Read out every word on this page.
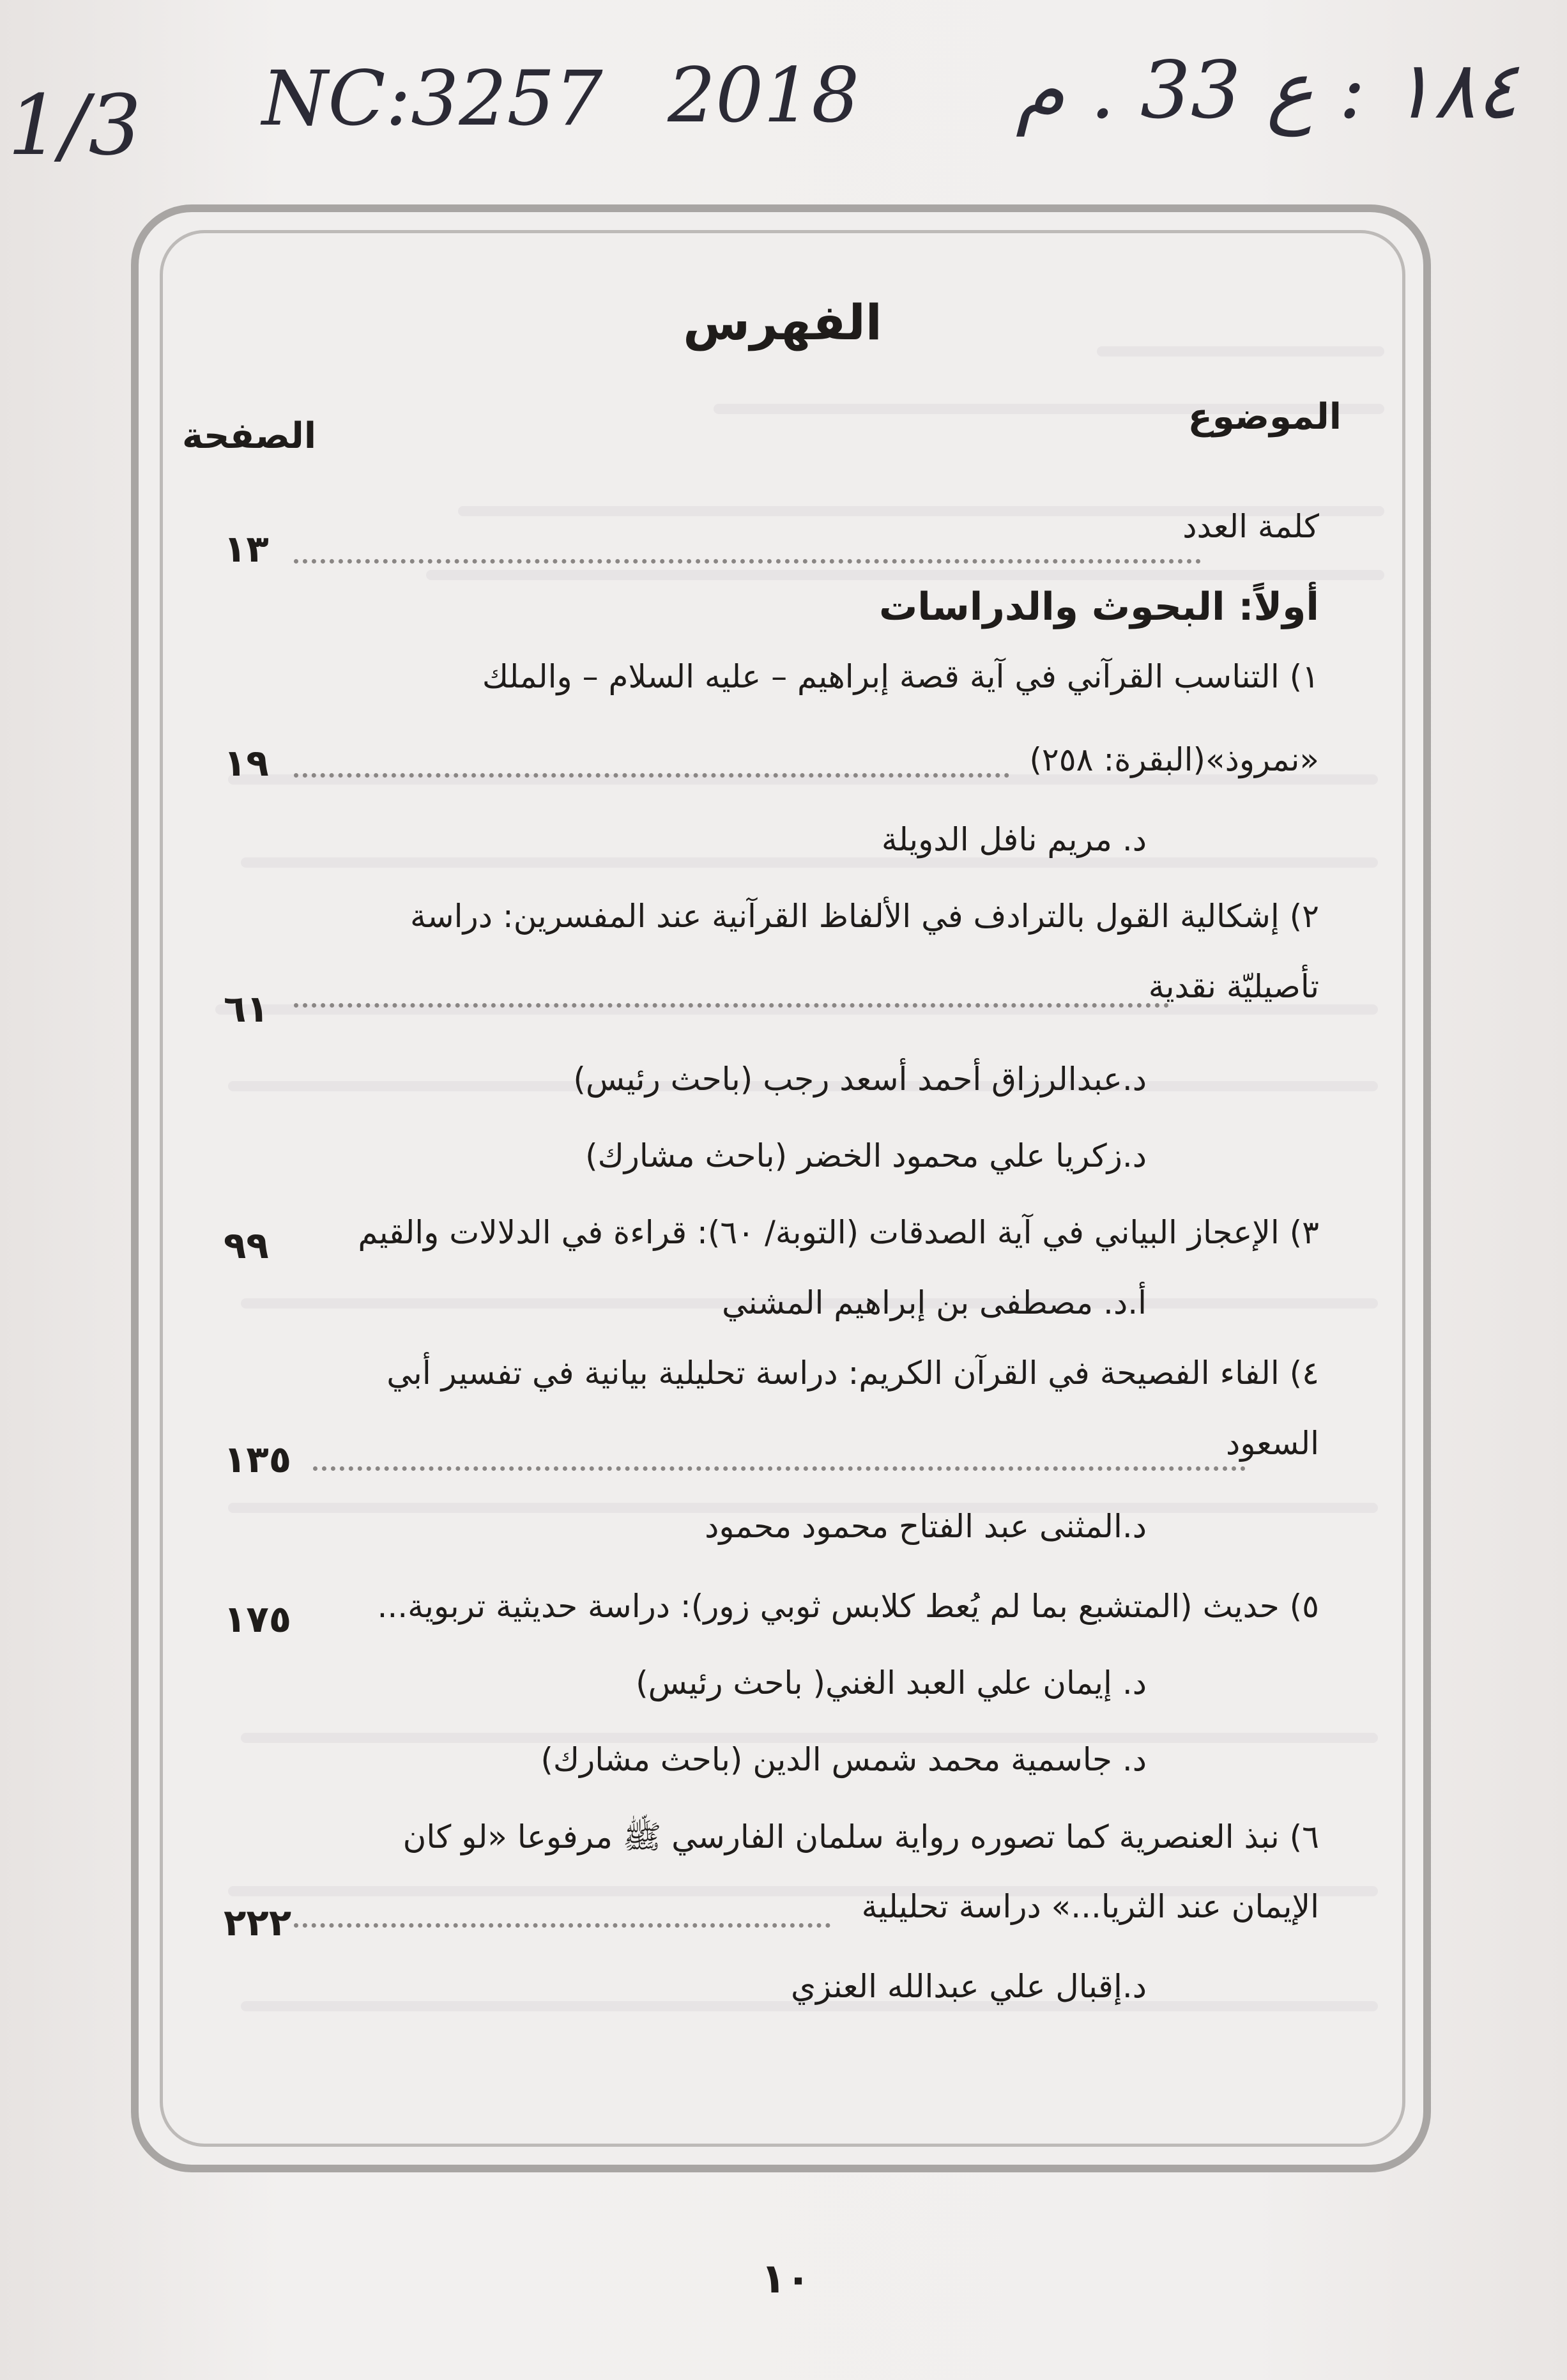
1/3 NC:3257 2018 ١٨٤ : ع 33 . م
الفهرس
الموضوع
الصفحة
كلمة العدد
١٣
أولاً: البحوث والدراسات
١) التناسب القرآني في آية قصة إبراهيم – عليه السلام – والملك
«نمروذ»(البقرة: ٢٥٨)
١٩
د. مريم نافل الدويلة
٢) إشكالية القول بالترادف في الألفاظ القرآنية عند المفسرين: دراسة
تأصيليّة نقدية
٦١
د.عبدالرزاق أحمد أسعد رجب (باحث رئيس)
د.زكريا علي محمود الخضر (باحث مشارك)
٣) الإعجاز البياني في آية الصدقات (التوبة/ ٦٠): قراءة في الدلالات والقيم
٩٩
أ.د. مصطفى بن إبراهيم المشني
٤) الفاء الفصيحة في القرآن الكريم: دراسة تحليلية بيانية في تفسير أبي
السعود
١٣٥
د.المثنى عبد الفتاح محمود محمود
٥) حديث (المتشبع بما لم يُعط كلابس ثوبي زور): دراسة حديثية تربوية...
١٧٥
د. إيمان علي العبد الغني( باحث رئيس)
د. جاسمية محمد شمس الدين (باحث مشارك)
٦) نبذ العنصرية كما تصوره رواية سلمان الفارسي ﷺ مرفوعا «لو كان
الإيمان عند الثريا...» دراسة تحليلية
٢٢٢
د.إقبال علي عبدالله العنزي
١٠
